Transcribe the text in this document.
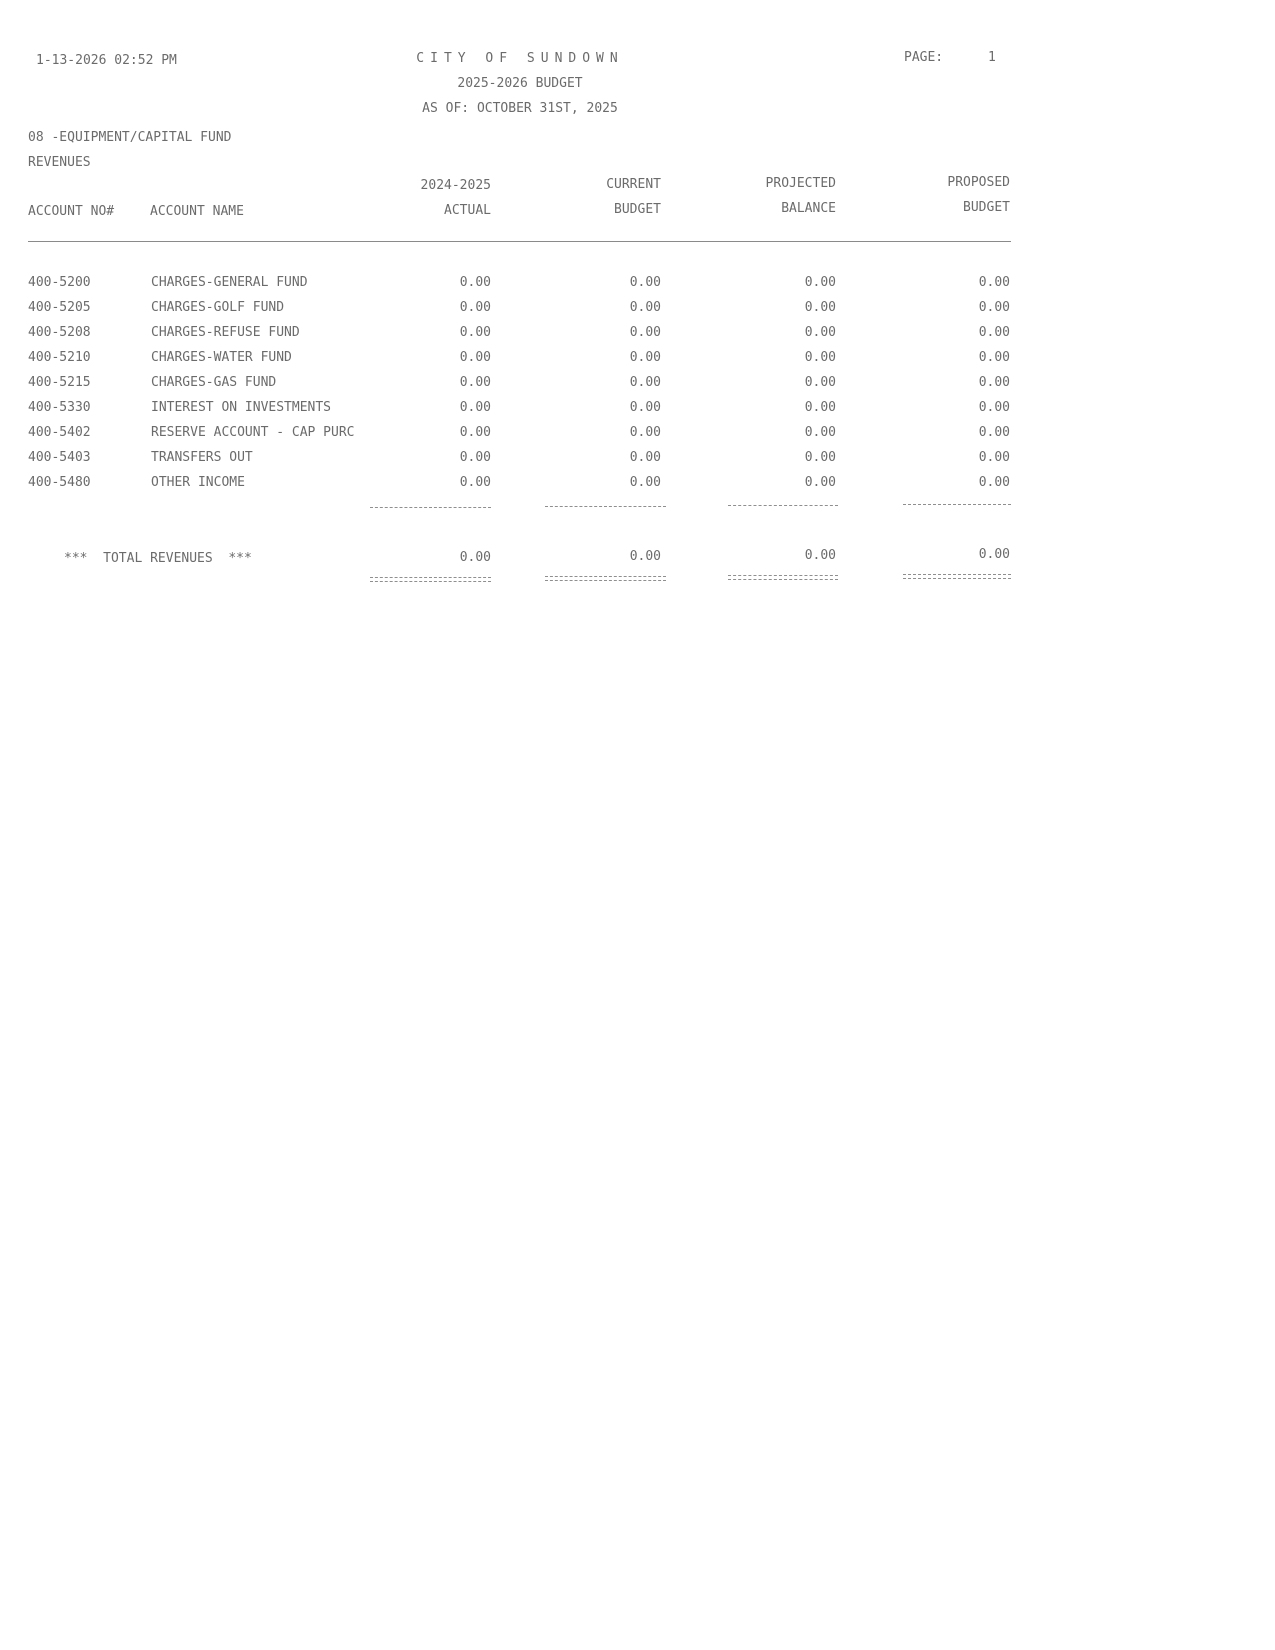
1-13-2026 02:52 PM	CITY OF SUNDOWN
2025-2026 BUDGET
AS OF: OCTOBER 31ST, 2025
PAGE:	1
08 -EQUIPMENT/CAPITAL FUND
REVENUES
2024-2025
ACTUAL
CURRENT
BUDGET
PROJECTED
BALANCE
PROPOSED
BUDGET
ACCOUNT NO#	ACCOUNT NAME
400-5200	CHARGES-GENERAL FUND	0.00	0.00	0.00	0.00
400-5205	CHARGES-GOLF FUND	0.00	0.00	0.00	0.00
400-5208	CHARGES-REFUSE FUND	0.00	0.00	0.00	0.00
400-5210	CHARGES-WATER FUND	0.00	0.00	0.00	0.00
400-5215	CHARGES-GAS FUND	0.00	0.00	0.00	0.00
400-5330	INTEREST ON INVESTMENTS	0.00	0.00	0.00	0.00
400-5402	RESERVE ACCOUNT - CAP PURC	0.00	0.00	0.00	0.00
400-5403	TRANSFERS OUT	0.00	0.00	0.00	0.00
400-5480	OTHER INCOME	0.00	0.00	0.00	0.00
***  TOTAL REVENUES  ***	0.00	0.00	0.00	0.00
